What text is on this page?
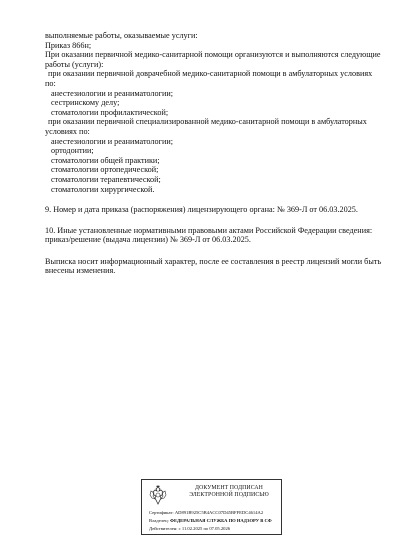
выполняемые работы, оказываемые услуги:
Приказ 866н;
При оказании первичной медико-санитарной помощи организуются и выполняются следующие
работы (услуги):
при оказании первичной доврачебной медико-санитарной помощи в амбулаторных условиях
по:
анестезиологии и реаниматологии;
сестринскому делу;
стоматологии профилактической;
при оказании первичной специализированной медико-санитарной помощи в амбулаторных
условиях по:
анестезиологии и реаниматологии;
ортодонтии;
стоматологии общей практики;
стоматологии ортопедической;
стоматологии терапевтической;
стоматологии хирургической.
9. Номер и дата приказа (распоряжения) лицензирующего органа: № 369-Л от 06.03.2025.
10. Иные установленные нормативными правовыми актами Российской Федерации сведения:
приказ/решение (выдача лицензии) № 369-Л от 06.03.2025.
Выписка носит информационный характер, после ее составления в реестр лицензий могли быть
внесены изменения.
ДОКУМЕНТ ПОДПИСАН
ЭЛЕКТРОННОЙ ПОДПИСЬЮ
Сертификат: AD891B925C5B4ACC07D45BFFEDC4614A2
Владелец: ФЕДЕРАЛЬНАЯ СЛУЖБА ПО НАДЗОРУ В СФ
Действителен: с 11.02.2025 по 07.05.2026
